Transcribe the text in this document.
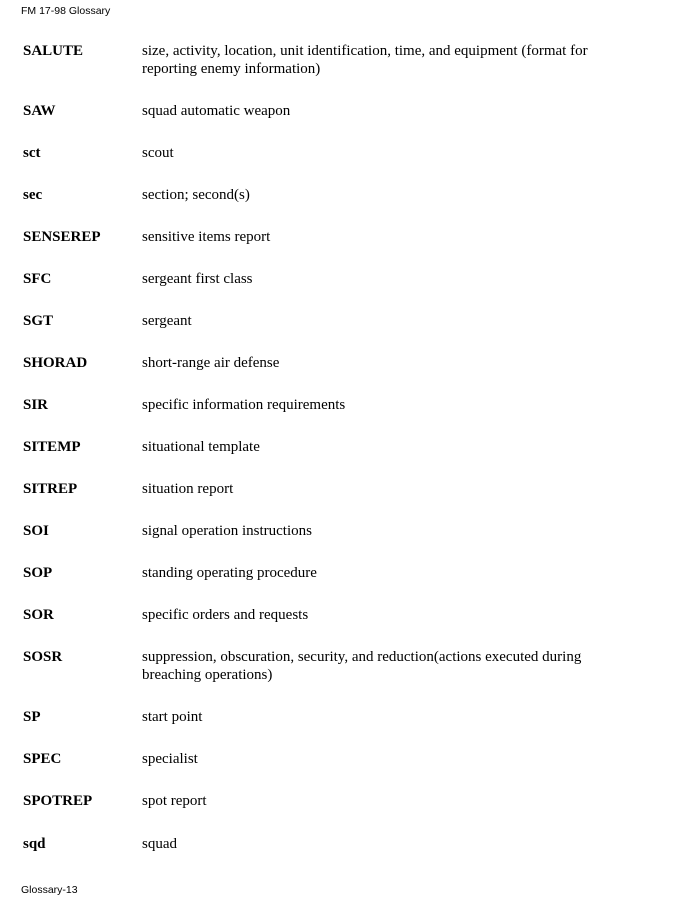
FM 17-98 Glossary
SALUTE	size, activity, location, unit identification, time, and equipment (format for reporting enemy information)
SAW	squad automatic weapon
sct	scout
sec	section; second(s)
SENSEREP	sensitive items report
SFC	sergeant first class
SGT	sergeant
SHORAD	short-range air defense
SIR	specific information requirements
SITEMP	situational template
SITREP	situation report
SOI	signal operation instructions
SOP	standing operating procedure
SOR	specific orders and requests
SOSR	suppression, obscuration, security, and reduction(actions executed during breaching operations)
SP	start point
SPEC	specialist
SPOTREP	spot report
sqd	squad
Glossary-13
